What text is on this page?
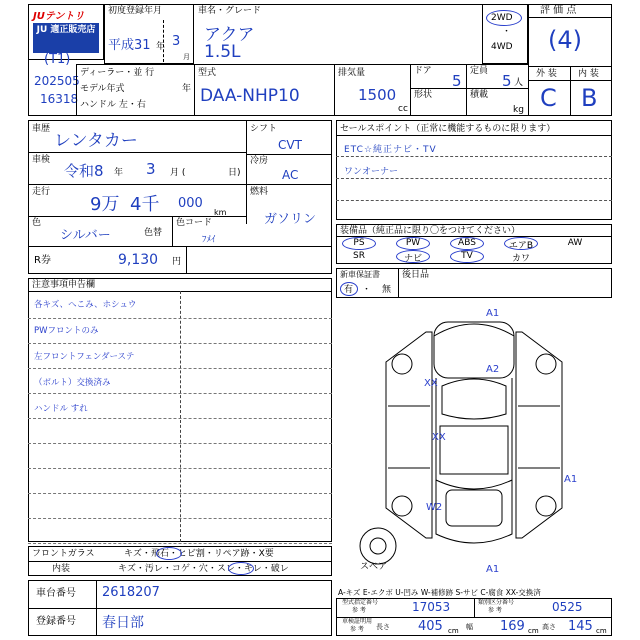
JUテントリ
JU 適正販売店
(T1)
202505
16318
初度登録年月
平成31 年 3
月
車名・グレード
アクア
1.5L
2WD
・
4WD
評 価 点
(4)
外 装 内 装
C B
ディーラー・並 行
モデル年式	年
ハンドル 左・右
型式
DAA-NHP10
排気量
1500
cc
ドア
5
形状
定員
5 人
積載
kg
車歴
レンタカー
車検
令和8 年 3 月 (	日)
走行
9万 4千 000
km
色
シルバー	色替
色コード
ﾌﾒｲ
R券	9,130 円
シフト
CVT
冷房
AC
燃料
ガソリン
セールスポイント（正常に機能するものに限ります）
ETC☆純正ナビ・TV
ワンオーナー
装備品（純正品に限り〇をつけてください）
PS	PW	ABS	エアB	AW
SR	ナビ	TV	カワ
新車保証書
有 ・ 無
後日品
注意事項申告欄
各キズ、へこみ、ホシュウ
PWフロントのみ
左フロントフェンダーステ
（ボルト）交換済み
ハンドル すれ
A1
A2
XX
XX
A1
W2
A1
スペア
フロントガラス	キズ・飛石・ヒビ割・リペア跡・X要
内装	キズ・汚レ・コゲ・穴・スレ・キレ・破レ
A-キズ E-エクボ U-凹み W-補修跡 S-サビ C-腐食 XX-交換済
車台番号 2618207
登録番号 春日部
型式指定番号
参 考	17053	類別区分番号
参 考	0525
車検証明用
参 考 長さ 405 cm 幅 169 cm 高さ 145 cm
